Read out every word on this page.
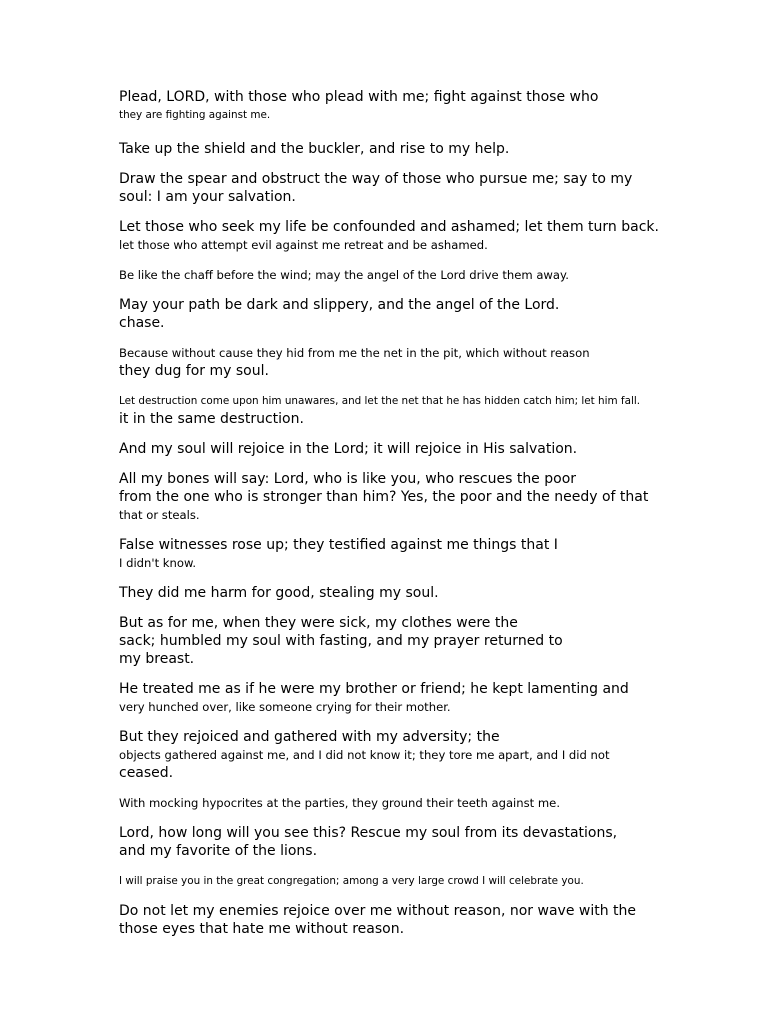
Plead, LORD, with those who plead with me; fight against those who
they are fighting against me.
Take up the shield and the buckler, and rise to my help.
Draw the spear and obstruct the way of those who pursue me; say to my
soul: I am your salvation.
Let those who seek my life be confounded and ashamed; let them turn back.
let those who attempt evil against me retreat and be ashamed.
Be like the chaff before the wind; may the angel of the Lord drive them away.
May your path be dark and slippery, and the angel of the Lord.
chase.
Because without cause they hid from me the net in the pit, which without reason
they dug for my soul.
Let destruction come upon him unawares, and let the net that he has hidden catch him; let him fall.
it in the same destruction.
And my soul will rejoice in the Lord; it will rejoice in His salvation.
All my bones will say: Lord, who is like you, who rescues the poor
from the one who is stronger than him? Yes, the poor and the needy of that
that or steals.
False witnesses rose up; they testified against me things that I
I didn't know.
They did me harm for good, stealing my soul.
But as for me, when they were sick, my clothes were the
sack; humbled my soul with fasting, and my prayer returned to
my breast.
He treated me as if he were my brother or friend; he kept lamenting and
very hunched over, like someone crying for their mother.
But they rejoiced and gathered with my adversity; the
objects gathered against me, and I did not know it; they tore me apart, and I did not
ceased.
With mocking hypocrites at the parties, they ground their teeth against me.
Lord, how long will you see this? Rescue my soul from its devastations,
and my favorite of the lions.
I will praise you in the great congregation; among a very large crowd I will celebrate you.
Do not let my enemies rejoice over me without reason, nor wave with the
those eyes that hate me without reason.
